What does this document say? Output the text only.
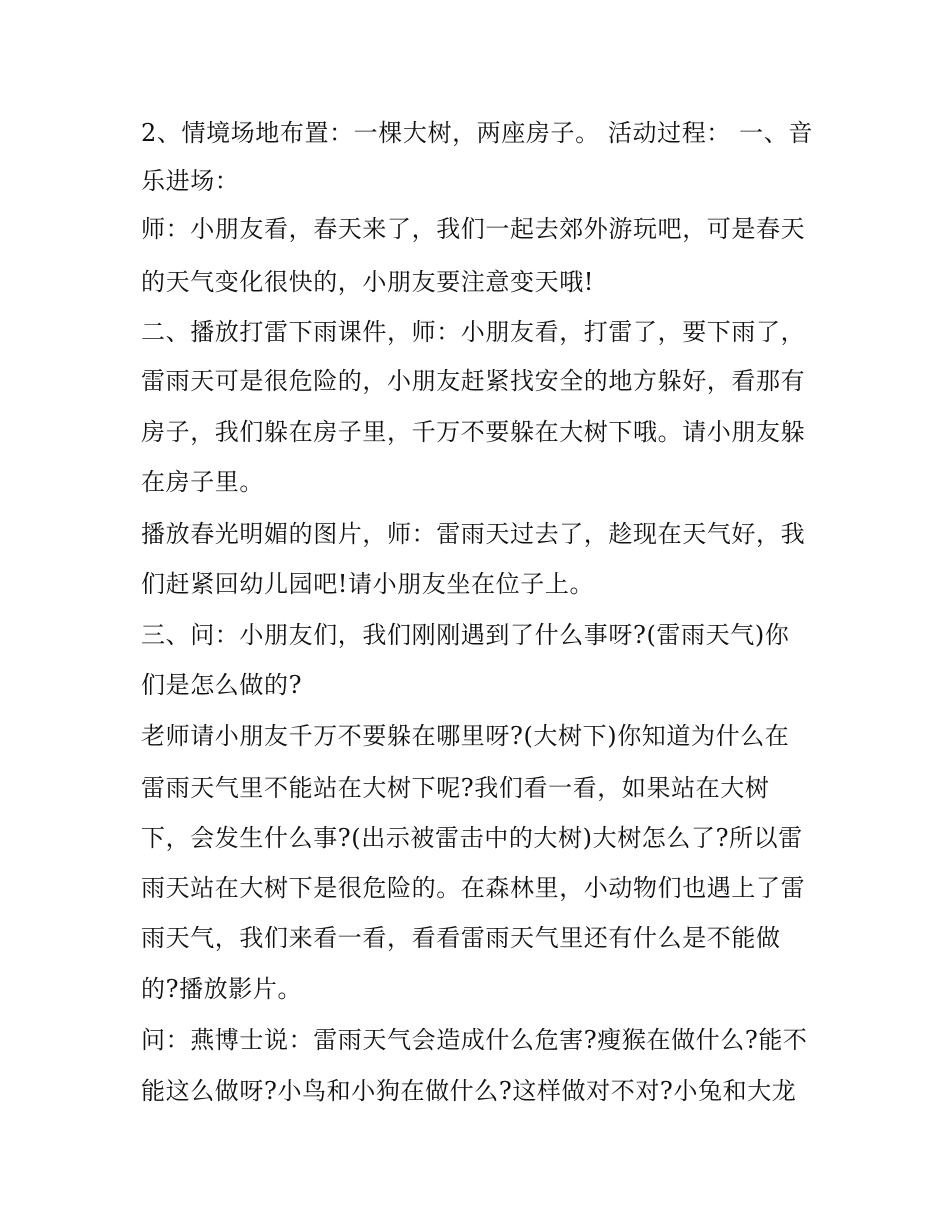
2、情境场地布置：一棵大树，两座房子。 活动过程： 一、音

乐进场：

师：小朋友看，春天来了，我们一起去郊外游玩吧，可是春天

的天气变化很快的，小朋友要注意变天哦!

二、播放打雷下雨课件，师：小朋友看，打雷了，要下雨了，

雷雨天可是很危险的，小朋友赶紧找安全的地方躲好，看那有

房子，我们躲在房子里，千万不要躲在大树下哦。请小朋友躲

在房子里。

播放春光明媚的图片，师：雷雨天过去了，趁现在天气好，我

们赶紧回幼儿园吧!请小朋友坐在位子上。

三、问：小朋友们，我们刚刚遇到了什么事呀?(雷雨天气)你

们是怎么做的?

老师请小朋友千万不要躲在哪里呀?(大树下)你知道为什么在

雷雨天气里不能站在大树下呢?我们看一看，如果站在大树

下，会发生什么事?(出示被雷击中的大树)大树怎么了?所以雷

雨天站在大树下是很危险的。在森林里，小动物们也遇上了雷

雨天气，我们来看一看，看看雷雨天气里还有什么是不能做

的?播放影片。

问：燕博士说：雷雨天气会造成什么危害?瘦猴在做什么?能不

能这么做呀?小鸟和小狗在做什么?这样做对不对?小兔和大龙
